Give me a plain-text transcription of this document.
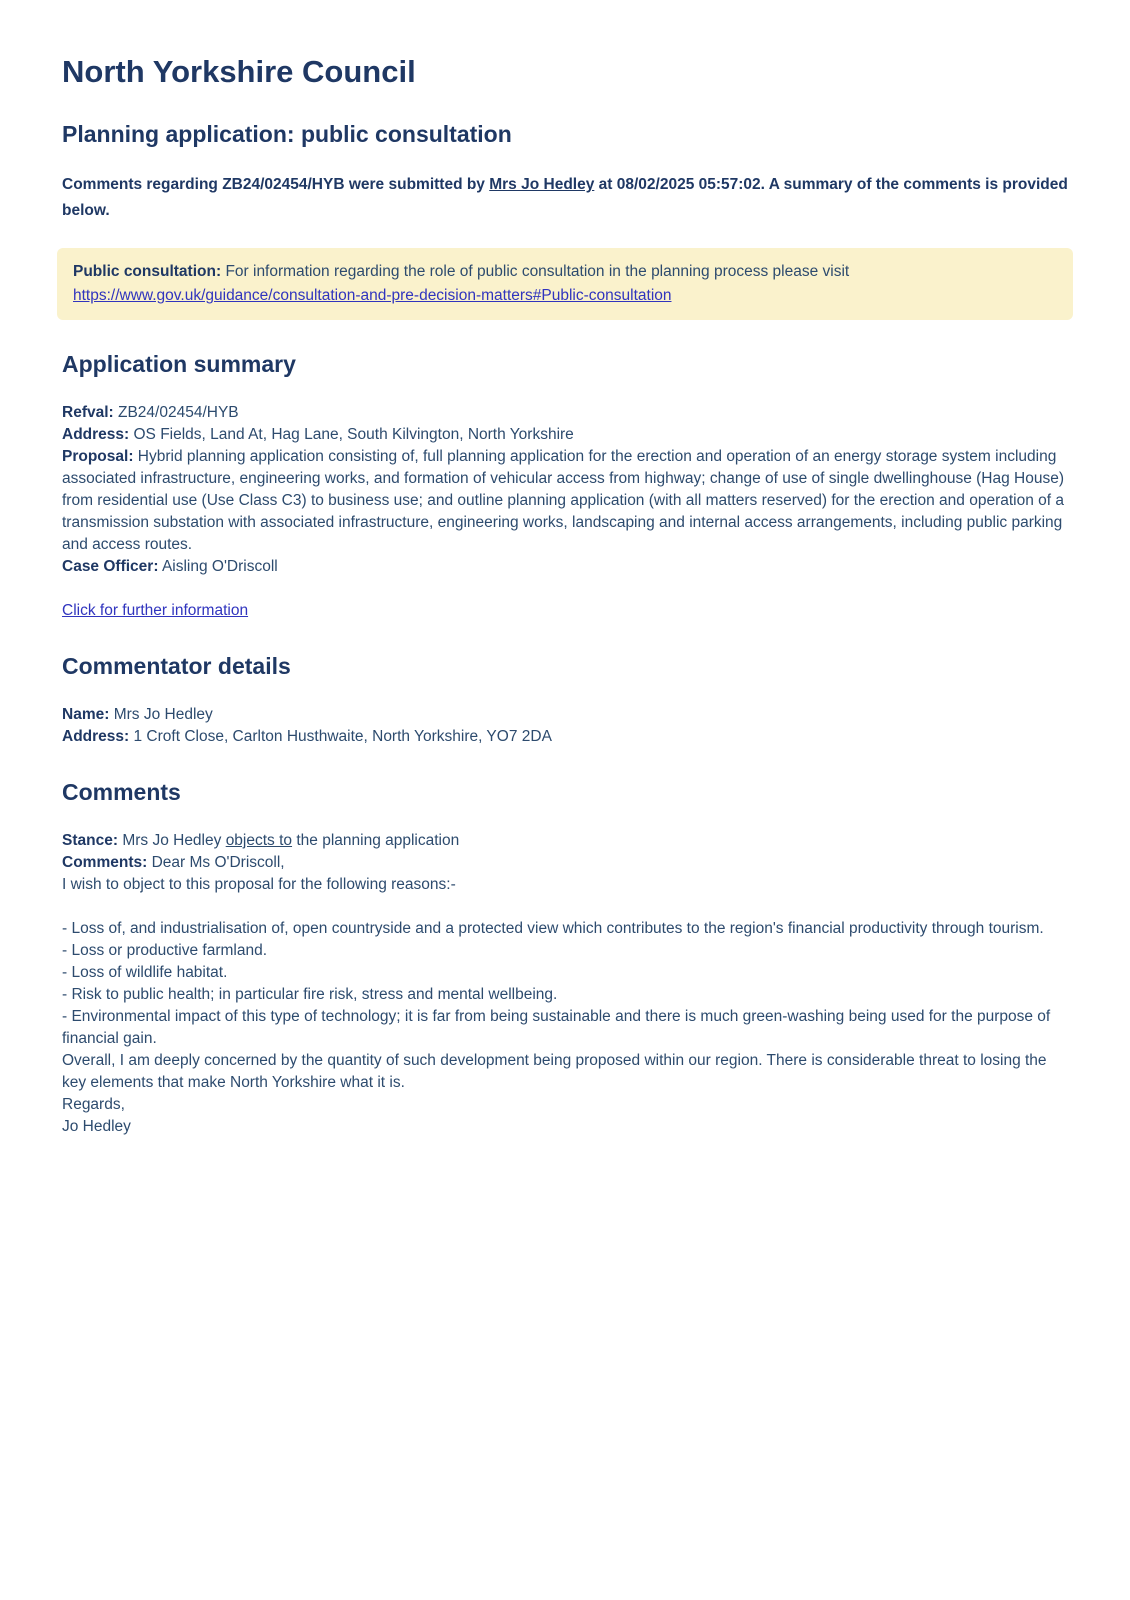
North Yorkshire Council
Planning application: public consultation

Comments regarding ZB24/02454/HYB were submitted by Mrs Jo Hedley at 08/02/2025 05:57:02. A summary of the comments is provided below.

Public consultation: For information regarding the role of public consultation in the planning process please visit https://www.gov.uk/guidance/consultation-and-pre-decision-matters#Public-consultation
Application summary

Refval: ZB24/02454/HYB

Address: OS Fields, Land At, Hag Lane, South Kilvington, North Yorkshire

Proposal: Hybrid planning application consisting of, full planning application for the erection and operation of an energy storage system including associated infrastructure, engineering works, and formation of vehicular access from highway; change of use of single dwellinghouse (Hag House) from residential use (Use Class C3) to business use; and outline planning application (with all matters reserved) for the erection and operation of a transmission substation with associated infrastructure, engineering works, landscaping and internal access arrangements, including public parking and access routes.

Case Officer: Aisling O'Driscoll

Click for further information

Commentator details

Name: Mrs Jo Hedley

Address: 1 Croft Close, Carlton Husthwaite, North Yorkshire, YO7 2DA

Comments

Stance: Mrs Jo Hedley objects to the planning application

Comments: Dear Ms O'Driscoll,

I wish to object to this proposal for the following reasons:-

- Loss of, and industrialisation of, open countryside and a protected view which contributes to the region's financial productivity through tourism.

- Loss or productive farmland.

- Loss of wildlife habitat.

- Risk to public health; in particular fire risk, stress and mental wellbeing.

- Environmental impact of this type of technology; it is far from being sustainable and there is much green-washing being used for the purpose of financial gain.

Overall, I am deeply concerned by the quantity of such development being proposed within our region. There is considerable threat to losing the key elements that make North Yorkshire what it is.

Regards,

Jo Hedley
